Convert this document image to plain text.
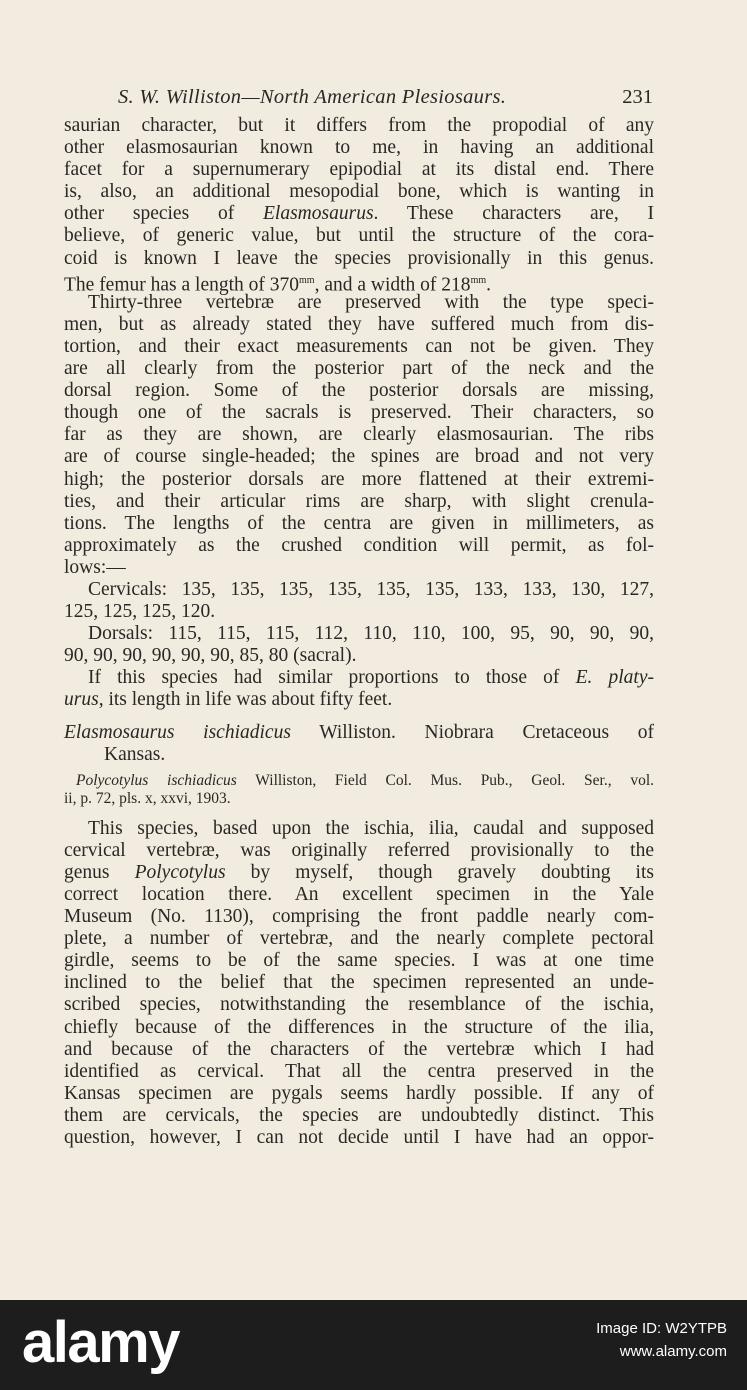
S. W. Williston—North American Plesiosaurs.	231
saurian character, but it differs from the propodial of any
other elasmosaurian known to me, in having an additional
facet for a supernumerary epipodial at its distal end. There
is, also, an additional mesopodial bone, which is wanting in
other species of Elasmosaurus. These characters are, I
believe, of generic value, but until the structure of the cora-
coid is known I leave the species provisionally in this genus.
The femur has a length of $370^{mm}$, and a width of $218^{mm}$.
Thirty-three vertebræ are preserved with the type speci-
men, but as already stated they have suffered much from dis-
tortion, and their exact measurements can not be given. They
are all clearly from the posterior part of the neck and the
dorsal region. Some of the posterior dorsals are missing,
though one of the sacrals is preserved. Their characters, so
far as they are shown, are clearly elasmosaurian. The ribs
are of course single-headed; the spines are broad and not very
high; the posterior dorsals are more flattened at their extremi-
ties, and their articular rims are sharp, with slight crenula-
tions. The lengths of the centra are given in millimeters, as
approximately as the crushed condition will permit, as fol-
lows:—
Cervicals: 135, 135, 135, 135, 135, 135, 133, 133, 130, 127,
125, 125, 125, 120.
Dorsals: 115, 115, 115, 112, 110, 110, 100, 95, 90, 90, 90,
90, 90, 90, 90, 90, 90, 85, 80 (sacral).
If this species had similar proportions to those of E. platy-
urus, its length in life was about fifty feet.
Elasmosaurus ischiadicus Williston. Niobrara Cretaceous of
Kansas.
Polycotylus ischiadicus Williston, Field Col. Mus. Pub., Geol. Ser., vol.
ii, p. 72, pls. x, xxvi, 1903.
This species, based upon the ischia, ilia, caudal and supposed
cervical vertebræ, was originally referred provisionally to the
genus Polycotylus by myself, though gravely doubting its
correct location there. An excellent specimen in the Yale
Museum (No. 1130), comprising the front paddle nearly com-
plete, a number of vertebræ, and the nearly complete pectoral
girdle, seems to be of the same species. I was at one time
inclined to the belief that the specimen represented an unde-
scribed species, notwithstanding the resemblance of the ischia,
chiefly because of the differences in the structure of the ilia,
and because of the characters of the vertebræ which I had
identified as cervical. That all the centra preserved in the
Kansas specimen are pygals seems hardly possible. If any of
them are cervicals, the species are undoubtedly distinct. This
question, however, I can not decide until I have had an oppor-
alamy	Image ID: W2YTPB
www.alamy.com
